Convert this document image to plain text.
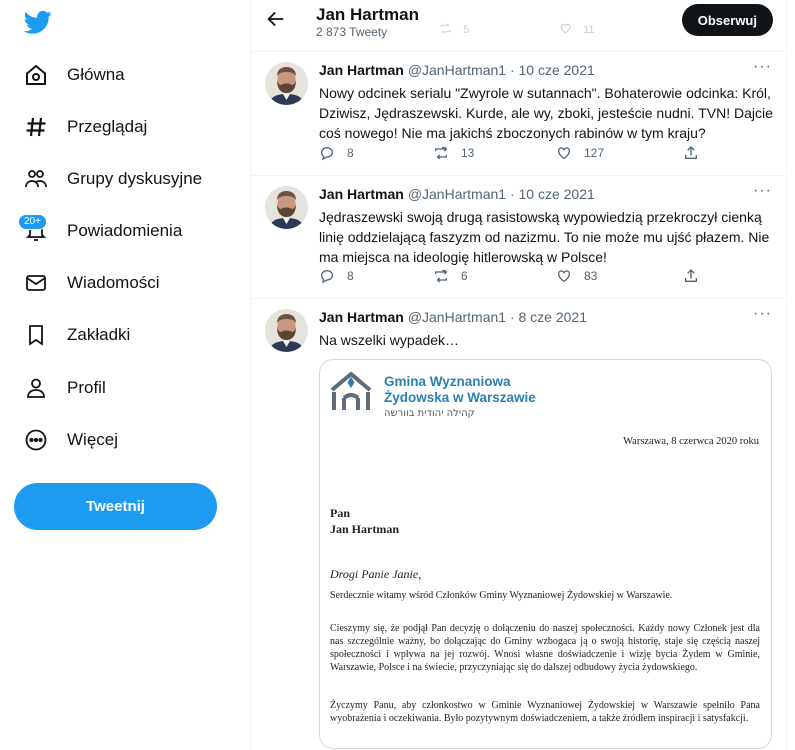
Główna
Przeglądaj
Grupy dyskusyjne
20+	Powiadomienia
Wiadomości
Zakładki
Profil
Więcej
Tweetnij
5	11
Jan Hartman
2 873 Tweety
Obserwuj
Jan Hartman @JanHartman1 · 10 cze 2021	···
Nowy odcinek serialu "Zwyrole w sutannach". Bohaterowie odcinka: Król, Dziwisz, Jędraszewski. Kurde, ale wy, zboki, jesteście nudni. TVN! Dajcie coś nowego! Nie ma jakichś zboczonych rabinów w tym kraju?
8	13	127
Jan Hartman @JanHartman1 · 10 cze 2021	···
Jędraszewski swoją drugą rasistowską wypowiedzią przekroczył cienką linię oddzielającą faszyzm od nazizmu. To nie może mu ujść płazem. Nie ma miejsca na ideologię hitlerowską w Polsce!
8	6	83
Jan Hartman @JanHartman1 · 8 cze 2021	···
Na wszelki wypadek…
Gmina Wyznaniowa
Żydowska w Warszawie
קהילה יהודית בוורשה
Warszawa, 8 czerwca 2020 roku
Pan
Jan Hartman
Drogi Panie Janie,
Serdecznie witamy wśród Członków Gminy Wyznaniowej Żydowskiej w Warszawie.
Cieszymy się, że podjął Pan decyzję o dołączeniu do naszej społeczności. Każdy nowy Członek jest dla nas szczególnie ważny, bo dołączając do Gminy wzbogaca ją o swoją historię, staje się częścią naszej społeczności i wpływa na jej rozwój. Wnosi własne doświadczenie i wizję bycia Żydem w Gminie, Warszawie, Polsce i na świecie, przyczyniając się do dalszej odbudowy życia żydowskiego.
Życzymy Panu, aby członkostwo w Gminie Wyznaniowej Żydowskiej w Warszawie spełniło Pana wyobrażenia i oczekiwania. Było pozytywnym doświadczeniem, a także źródłem inspiracji i satysfakcji.
